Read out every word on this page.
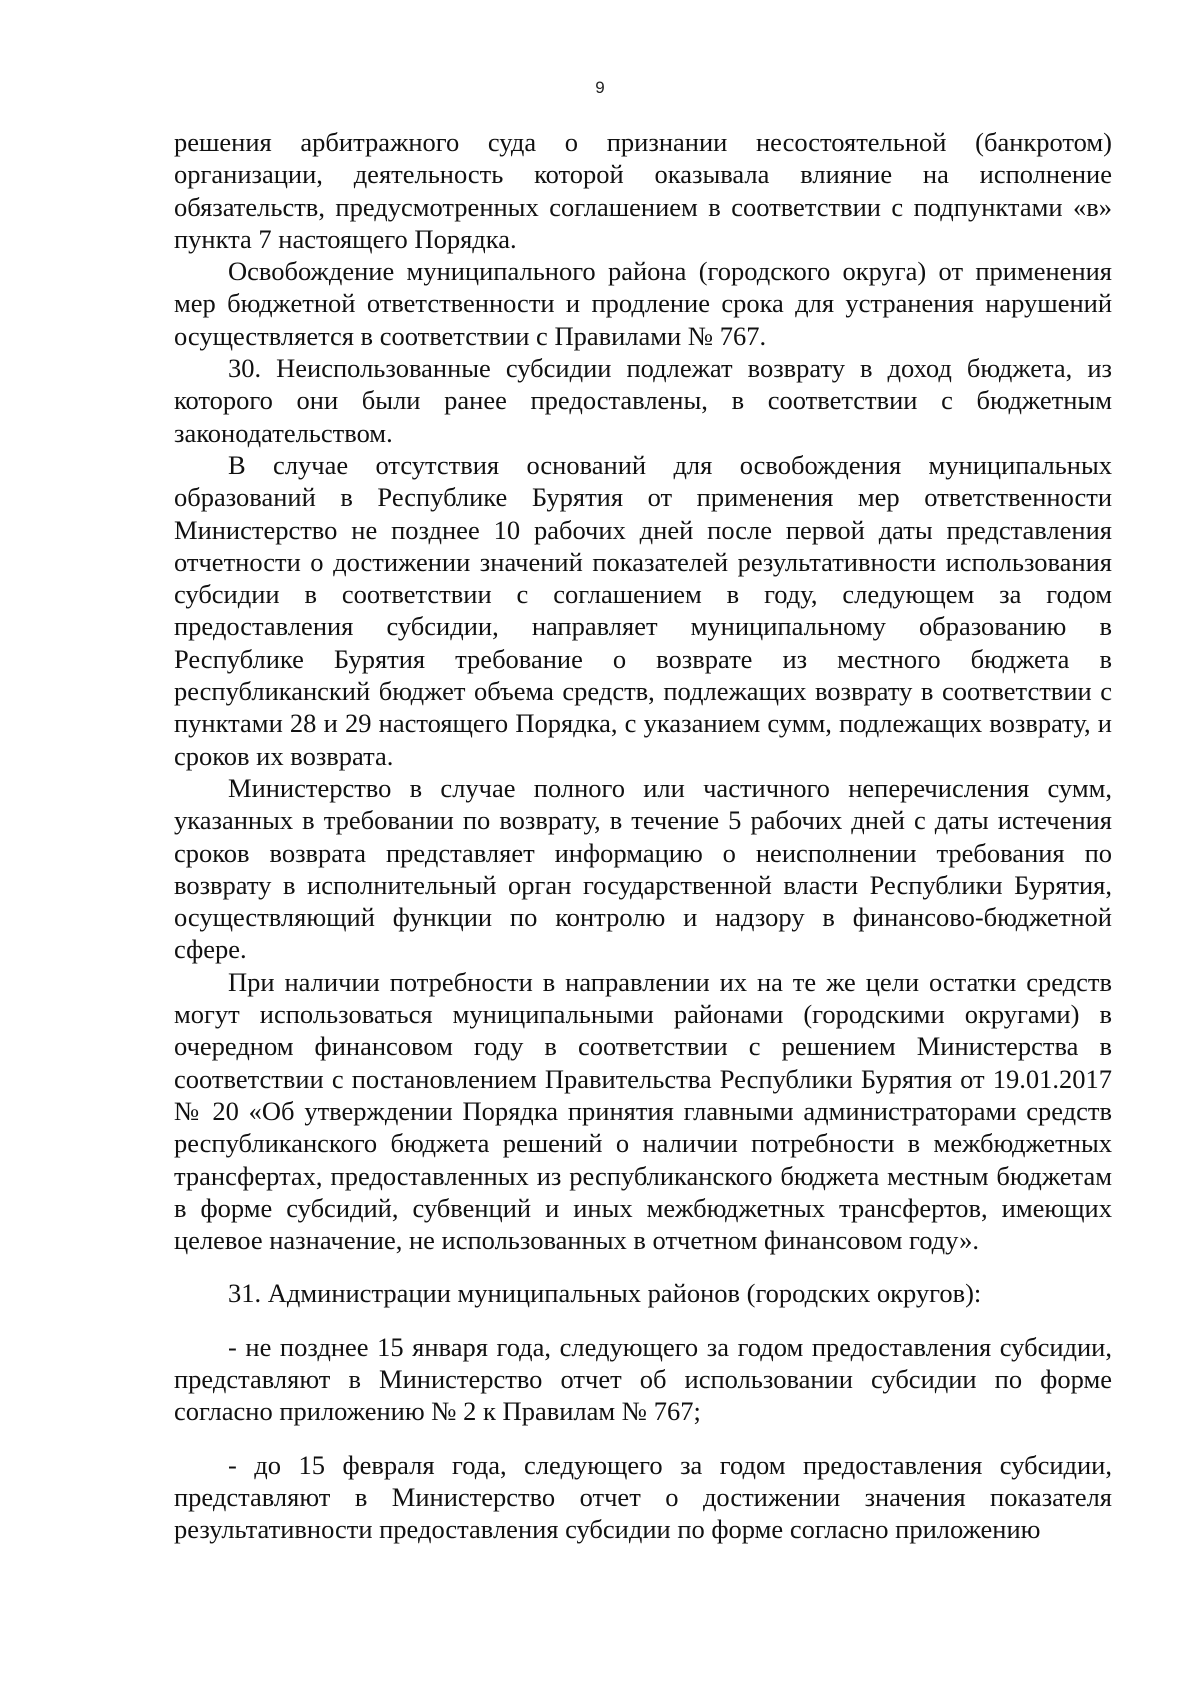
9

решения арбитражного суда о признании несостоятельной (банкротом) организации, деятельность которой оказывала влияние на исполнение обязательств, предусмотренных соглашением в соответствии с подпунктами «в» пункта 7 настоящего Порядка.

Освобождение муниципального района (городского округа) от применения мер бюджетной ответственности и продление срока для устранения нарушений осуществляется в соответствии с Правилами № 767.

30. Неиспользованные субсидии подлежат возврату в доход бюджета, из которого они были ранее предоставлены, в соответствии с бюджетным законодательством.

В случае отсутствия оснований для освобождения муниципальных образований в Республике Бурятия от применения мер ответственности Министерство не позднее 10 рабочих дней после первой даты представления отчетности о достижении значений показателей результативности использования субсидии в соответствии с соглашением в году, следующем за годом предоставления субсидии, направляет муниципальному образованию в Республике Бурятия требование о возврате из местного бюджета в республиканский бюджет объема средств, подлежащих возврату в соответствии с пунктами 28 и 29 настоящего Порядка, с указанием сумм, подлежащих возврату, и сроков их возврата.

Министерство в случае полного или частичного неперечисления сумм, указанных в требовании по возврату, в течение 5 рабочих дней с даты истечения сроков возврата представляет информацию о неисполнении требования по возврату в исполнительный орган государственной власти Республики Бурятия, осуществляющий функции по контролю и надзору в финансово-бюджетной сфере.

При наличии потребности в направлении их на те же цели остатки средств могут использоваться муниципальными районами (городскими округами) в очередном финансовом году в соответствии с решением Министерства в соответствии с постановлением Правительства Республики Бурятия от 19.01.2017 № 20 «Об утверждении Порядка принятия главными администраторами средств республиканского бюджета решений о наличии потребности в межбюджетных трансфертах, предоставленных из республиканского бюджета местным бюджетам в форме субсидий, субвенций и иных межбюджетных трансфертов, имеющих целевое назначение, не использованных в отчетном финансовом году».

31. Администрации муниципальных районов (городских округов):

- не позднее 15 января года, следующего за годом предоставления субсидии, представляют в Министерство отчет об использовании субсидии по форме согласно приложению № 2 к Правилам № 767;

- до 15 февраля года, следующего за годом предоставления субсидии, представляют в Министерство отчет о достижении значения показателя результативности предоставления субсидии по форме согласно приложению
